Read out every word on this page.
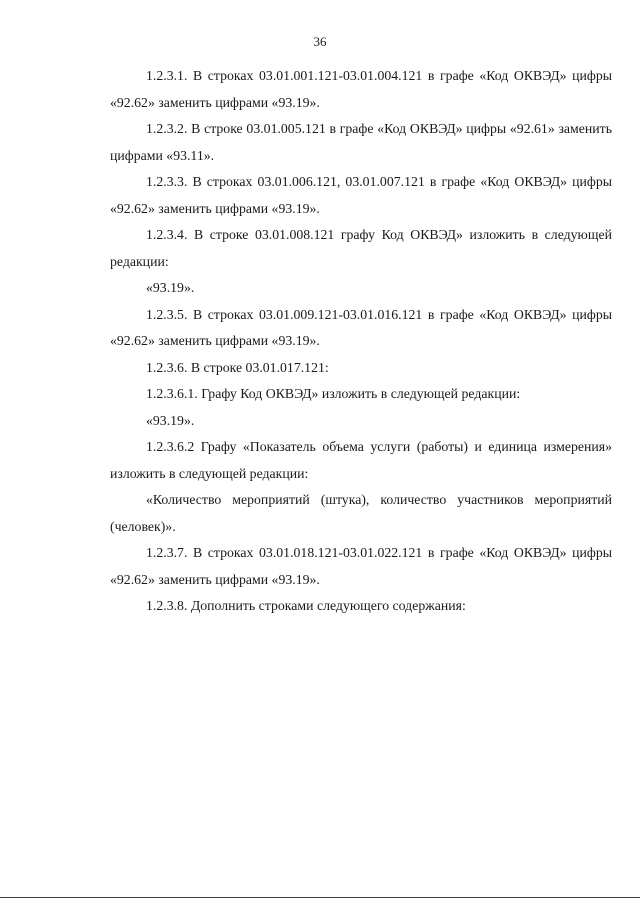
36

1.2.3.1. В строках 03.01.001.121-03.01.004.121 в графе «Код ОКВЭД» цифры «92.62» заменить цифрами «93.19».

1.2.3.2. В строке 03.01.005.121 в графе «Код ОКВЭД» цифры «92.61» заменить цифрами «93.11».

1.2.3.3. В строках 03.01.006.121, 03.01.007.121 в графе «Код ОКВЭД» цифры «92.62» заменить цифрами «93.19».

1.2.3.4. В строке 03.01.008.121 графу Код ОКВЭД» изложить в следующей редакции:

«93.19».

1.2.3.5. В строках 03.01.009.121-03.01.016.121 в графе «Код ОКВЭД» цифры «92.62» заменить цифрами «93.19».

1.2.3.6. В строке 03.01.017.121:

1.2.3.6.1. Графу Код ОКВЭД» изложить в следующей редакции:

«93.19».

1.2.3.6.2 Графу «Показатель объема услуги (работы) и единица измерения» изложить в следующей редакции:

«Количество мероприятий (штука), количество участников мероприятий (человек)».

1.2.3.7. В строках 03.01.018.121-03.01.022.121 в графе «Код ОКВЭД» цифры «92.62» заменить цифрами «93.19».

1.2.3.8. Дополнить строками следующего содержания:
